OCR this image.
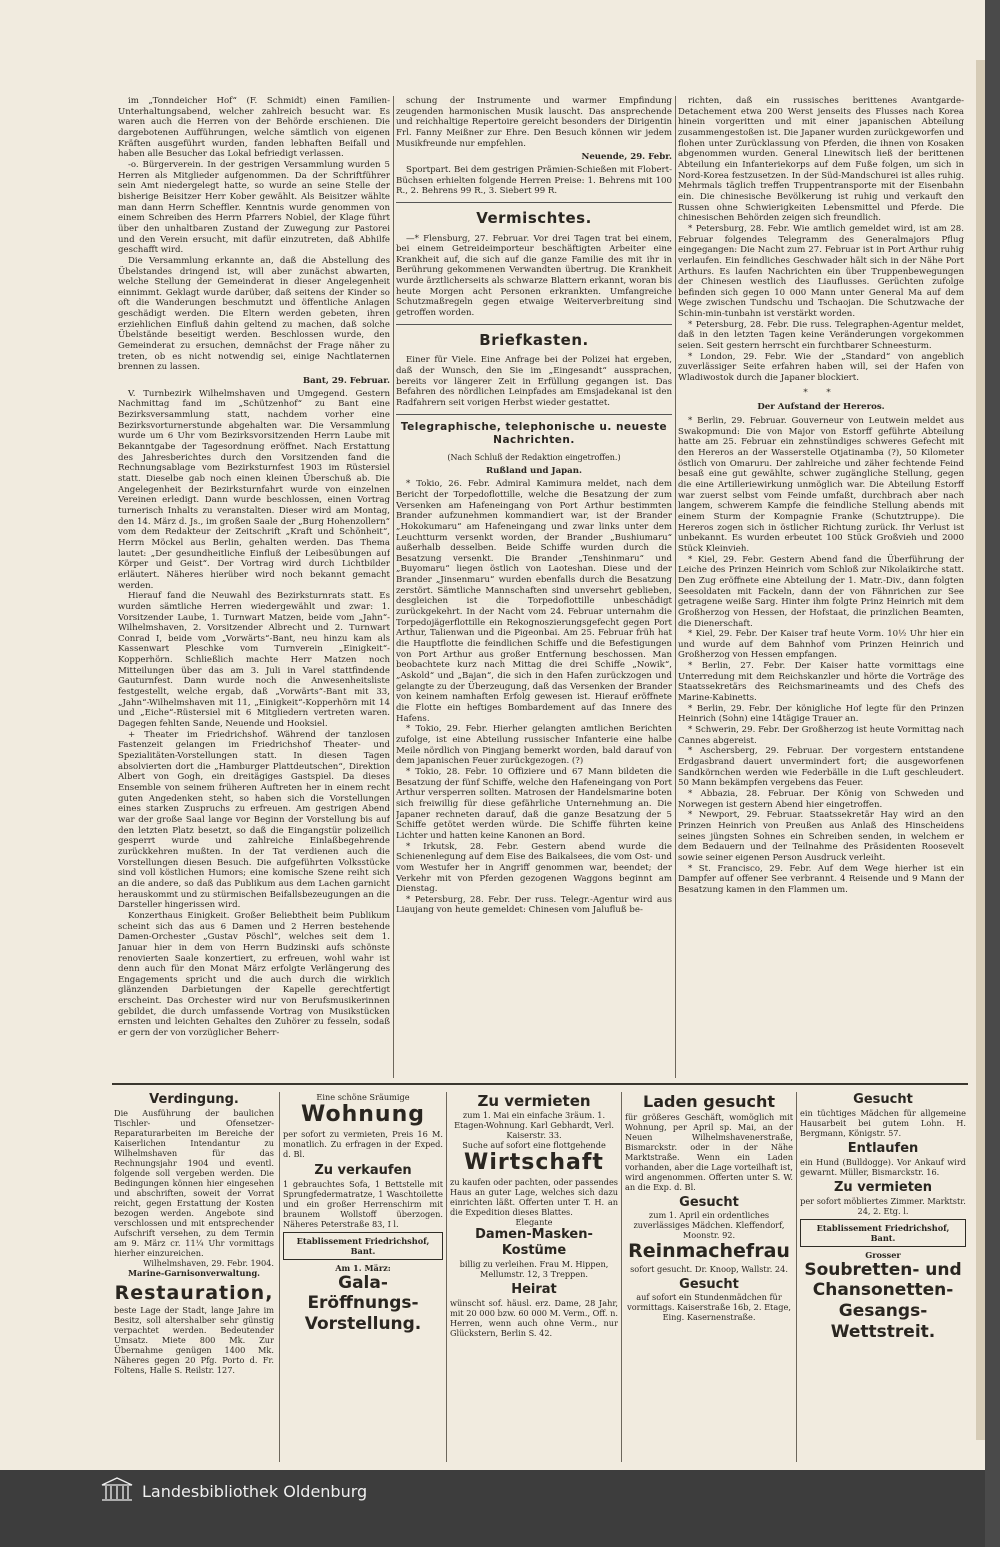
im „Tonndeicher Hof“ (F. Schmidt) einen Familien-Unterhaltungsabend, welcher zahlreich besucht war. Es waren auch die Herren von der Behörde erschienen. Die dargebotenen Aufführungen, welche sämtlich von eigenen Kräften ausgeführt wurden, fanden lebhaften Beifall und haben alle Besucher das Lokal befriedigt verlassen.

-o. Bürgerverein. In der gestrigen Versammlung wurden 5 Herren als Mitglieder aufgenommen. Da der Schriftführer sein Amt niedergelegt hatte, so wurde an seine Stelle der bisherige Beisitzer Herr Kober gewählt. Als Beisitzer wählte man dann Herrn Scheffler. Kenntnis wurde genommen von einem Schreiben des Herrn Pfarrers Nobiel, der Klage führt über den unhaltbaren Zustand der Zuwegung zur Pastorei und den Verein ersucht, mit dafür einzutreten, daß Abhilfe geschafft wird.

Die Versammlung erkannte an, daß die Abstellung des Übelstandes dringend ist, will aber zunächst abwarten, welche Stellung der Gemeinderat in dieser Angelegenheit einnimmt. Geklagt wurde darüber, daß seitens der Kinder so oft die Wanderungen beschmutzt und öffentliche Anlagen geschädigt werden. Die Eltern werden gebeten, ihren erziehlichen Einfluß dahin geltend zu machen, daß solche Übelstände beseitigt werden. Beschlossen wurde, den Gemeinderat zu ersuchen, demnächst der Frage näher zu treten, ob es nicht notwendig sei, einige Nachtlaternen brennen zu lassen.

Bant, 29. Februar.

V. Turnbezirk Wilhelmshaven und Umgegend. Gestern Nachmittag fand im „Schützenhof“ zu Bant eine Bezirksversammlung statt, nachdem vorher eine Bezirksvorturnerstunde abgehalten war. Die Versammlung wurde um 6 Uhr vom Bezirksvorsitzenden Herrn Laube mit Bekanntgabe der Tagesordnung eröffnet. Nach Erstattung des Jahresberichtes durch den Vorsitzenden fand die Rechnungsablage vom Bezirksturnfest 1903 im Rüstersiel statt. Dieselbe gab noch einen kleinen Überschuß ab. Die Angelegenheit der Bezirksturnfahrt wurde von einzelnen Vereinen erledigt. Dann wurde beschlossen, einen Vortrag turnerisch Inhalts zu veranstalten. Dieser wird am Montag, den 14. März d. Js., im großen Saale der „Burg Hohenzollern“ vom dem Redakteur der Zeitschrift „Kraft und Schönheit“, Herrn Möckel aus Berlin, gehalten werden. Das Thema lautet: „Der gesundheitliche Einfluß der Leibesübungen auf Körper und Geist“. Der Vortrag wird durch Lichtbilder erläutert. Näheres hierüber wird noch bekannt gemacht werden.

Hierauf fand die Neuwahl des Bezirksturnrats statt. Es wurden sämtliche Herren wiedergewählt und zwar: 1. Vorsitzender Laube, 1. Turnwart Matzen, beide vom „Jahn“-Wilhelmshaven, 2. Vorsitzender Albrecht und 2. Turnwart Conrad I, beide vom „Vorwärts“-Bant, neu hinzu kam als Kassenwart Pleschke vom Turnverein „Einigkeit“-Kopperhörn. Schließlich machte Herr Matzen noch Mitteilungen über das am 3. Juli in Varel stattfindende Gauturnfest. Dann wurde noch die Anwesenheitsliste festgestellt, welche ergab, daß „Vorwärts“-Bant mit 33, „Jahn“-Wilhelmshaven mit 11, „Einigkeit“-Kopperhörn mit 14 und „Eiche“-Rüstersiel mit 6 Mitgliedern vertreten waren. Dagegen fehlten Sande, Neuende und Hooksiel.

+ Theater im Friedrichshof. Während der tanzlosen Fastenzeit gelangen im Friedrichshof Theater- und Spezialitäten-Vorstellungen statt. In diesen Tagen absolvierten dort die „Hamburger Plattdeutschen“, Direktion Albert von Gogh, ein dreitägiges Gastspiel. Da dieses Ensemble von seinem früheren Auftreten her in einem recht guten Angedenken steht, so haben sich die Vorstellungen eines starken Zuspruchs zu erfreuen. Am gestrigen Abend war der große Saal lange vor Beginn der Vorstellung bis auf den letzten Platz besetzt, so daß die Eingangstür polizeilich gesperrt wurde und zahlreiche Einlaßbegehrende zurückkehren mußten. In der Tat verdienen auch die Vorstellungen diesen Besuch. Die aufgeführten Volksstücke sind voll köstlichen Humors; eine komische Szene reiht sich an die andere, so daß das Publikum aus dem Lachen garnicht herauskommt und zu stürmischen Beifallsbezeugungen an die Darsteller hingerissen wird.

Konzerthaus Einigkeit. Großer Beliebtheit beim Publikum scheint sich das aus 6 Damen und 2 Herren bestehende Damen-Orchester „Gustav Pöschl“, welches seit dem 1. Januar hier in dem von Herrn Budzinski aufs schönste renovierten Saale konzertiert, zu erfreuen, wohl wahr ist denn auch für den Monat März erfolgte Verlängerung des Engagements spricht und die auch durch die wirklich glänzenden Darbietungen der Kapelle gerechtfertigt erscheint. Das Orchester wird nur von Berufsmusikerinnen gebildet, die durch umfassende Vortrag von Musikstücken ernsten und leichten Gehaltes den Zuhörer zu fesseln, sodaß er gern der von vorzüglicher Beherr-

schung der Instrumente und warmer Empfindung zeugenden harmonischen Musik lauscht. Das ansprechende und reichhaltige Repertoire gereicht besonders der Dirigentin Frl. Fanny Meißner zur Ehre. Den Besuch können wir jedem Musikfreunde nur empfehlen.

Neuende, 29. Febr.

Sportpart. Bei dem gestrigen Prämien-Schießen mit Flobert-Büchsen erhielten folgende Herren Preise: 1. Behrens mit 100 R., 2. Behrens 99 R., 3. Siebert 99 R.

Vermischtes.

—* Flensburg, 27. Februar. Vor drei Tagen trat bei einem, bei einem Getreideimporteur beschäftigten Arbeiter eine Krankheit auf, die sich auf die ganze Familie des mit ihr in Berührung gekommenen Verwandten übertrug. Die Krankheit wurde ärztlicherseits als schwarze Blattern erkannt, woran bis heute Morgen acht Personen erkrankten. Umfangreiche Schutzmaßregeln gegen etwaige Weiterverbreitung sind getroffen worden.

Briefkasten.

Einer für Viele. Eine Anfrage bei der Polizei hat ergeben, daß der Wunsch, den Sie im „Eingesandt“ aussprachen, bereits vor längerer Zeit in Erfüllung gegangen ist. Das Befahren des nördlichen Leinpfades am Emsjadekanal ist den Radfahrern seit vorigen Herbst wieder gestattet.

Telegraphische, telephonische u. neueste Nachrichten.
(Nach Schluß der Redaktion eingetroffen.)
Rußland und Japan.

* Tokio, 26. Febr. Admiral Kamimura meldet, nach dem Bericht der Torpedoflottille, welche die Besatzung der zum Versenken am Hafeneingang von Port Arthur bestimmten Brander aufzunehmen kommandiert war, ist der Brander „Hokokumaru“ am Hafeneingang und zwar links unter dem Leuchtturm versenkt worden, der Brander „Bushiumaru“ außerhalb desselben. Beide Schiffe wurden durch die Besatzung versenkt. Die Brander „Tenshinmaru“ und „Buyomaru“ liegen östlich von Laoteshan. Diese und der Brander „Jinsenmaru“ wurden ebenfalls durch die Besatzung zerstört. Sämtliche Mannschaften sind unversehrt geblieben, desgleichen ist die Torpedoflottille unbeschädigt zurückgekehrt. In der Nacht vom 24. Februar unternahm die Torpedojägerflottille ein Rekognoszierungsgefecht gegen Port Arthur, Talienwan und die Pigeonbai. Am 25. Februar früh hat die Hauptflotte die feindlichen Schiffe und die Befestigungen von Port Arthur aus großer Entfernung beschossen. Man beobachtete kurz nach Mittag die drei Schiffe „Nowik“, „Askold“ und „Bajan“, die sich in den Hafen zurückzogen und gelangte zu der Überzeugung, daß das Versenken der Brander von keinem namhaften Erfolg gewesen ist. Hierauf eröffnete die Flotte ein heftiges Bombardement auf das Innere des Hafens.

* Tokio, 29. Febr. Hierher gelangten amtlichen Berichten zufolge, ist eine Abteilung russischer Infanterie eine halbe Meile nördlich von Pingjang bemerkt worden, bald darauf von dem japanischen Feuer zurückgezogen. (?)

* Tokio, 28. Febr. 10 Offiziere und 67 Mann bildeten die Besatzung der fünf Schiffe, welche den Hafeneingang von Port Arthur versperren sollten. Matrosen der Handelsmarine boten sich freiwillig für diese gefährliche Unternehmung an. Die Japaner rechneten darauf, daß die ganze Besatzung der 5 Schiffe getötet werden würde. Die Schiffe führten keine Lichter und hatten keine Kanonen an Bord.

* Irkutsk, 28. Febr. Gestern abend wurde die Schienenlegung auf dem Eise des Baikalsees, die vom Ost- und vom Westufer her in Angriff genommen war, beendet; der Verkehr mit von Pferden gezogenen Waggons beginnt am Dienstag.

* Petersburg, 28. Febr. Der russ. Telegr.-Agentur wird aus Liaujang von heute gemeldet: Chinesen vom Jalufluß be-

richten, daß ein russisches berittenes Avantgarde-Detachement etwa 200 Werst jenseits des Flusses nach Korea hinein vorgeritten und mit einer japanischen Abteilung zusammengestoßen ist. Die Japaner wurden zurückgeworfen und flohen unter Zurücklassung von Pferden, die ihnen von Kosaken abgenommen wurden. General Linewitsch ließ der berittenen Abteilung ein Infanteriekorps auf dem Fuße folgen, um sich in Nord-Korea festzusetzen. In der Süd-Mandschurei ist alles ruhig. Mehrmals täglich treffen Truppentransporte mit der Eisenbahn ein. Die chinesische Bevölkerung ist ruhig und verkauft den Russen ohne Schwierigkeiten Lebensmittel und Pferde. Die chinesischen Behörden zeigen sich freundlich.

* Petersburg, 28. Febr. Wie amtlich gemeldet wird, ist am 28. Februar folgendes Telegramm des Generalmajors Pflug eingegangen: Die Nacht zum 27. Februar ist in Port Arthur ruhig verlaufen. Ein feindliches Geschwader hält sich in der Nähe Port Arthurs. Es laufen Nachrichten ein über Truppenbewegungen der Chinesen westlich des Liauflusses. Gerüchten zufolge befinden sich gegen 10 000 Mann unter General Ma auf dem Wege zwischen Tundschu und Tschaojan. Die Schutzwache der Schin-min-tunbahn ist verstärkt worden.

* Petersburg, 28. Febr. Die russ. Telegraphen-Agentur meldet, daß in den letzten Tagen keine Veränderungen vorgekommen seien. Seit gestern herrscht ein furchtbarer Schneesturm.

* London, 29. Febr. Wie der „Standard“ von angeblich zuverlässiger Seite erfahren haben will, sei der Hafen von Wladiwostok durch die Japaner blockiert.

* *
Der Aufstand der Hereros.

* Berlin, 29. Februar. Gouverneur von Leutwein meldet aus Swakopmund: Die von Major von Estorff geführte Abteilung hatte am 25. Februar ein zehnstündiges schweres Gefecht mit den Hereros an der Wasserstelle Otjatinamba (?), 50 Kilometer östlich von Omaruru. Der zahlreiche und zäher fechtende Feind besaß eine gut gewählte, schwer zugängliche Stellung, gegen die eine Artilleriewirkung unmöglich war. Die Abteilung Estorff war zuerst selbst vom Feinde umfaßt, durchbrach aber nach langem, schwerem Kampfe die feindliche Stellung abends mit einem Sturm der Kompagnie Franke (Schutztruppe). Die Hereros zogen sich in östlicher Richtung zurück. Ihr Verlust ist unbekannt. Es wurden erbeutet 100 Stück Großvieh und 2000 Stück Kleinvieh.

* Kiel, 29. Febr. Gestern Abend fand die Überführung der Leiche des Prinzen Heinrich vom Schloß zur Nikolaikirche statt. Den Zug eröffnete eine Abteilung der 1. Matr.-Div., dann folgten Seesoldaten mit Fackeln, dann der von Fähnrichen zur See getragene weiße Sarg. Hinter ihm folgte Prinz Heinrich mit dem Großherzog von Hessen, der Hofstaat, die prinzlichen Beamten, die Dienerschaft.

* Kiel, 29. Febr. Der Kaiser traf heute Vorm. 10½ Uhr hier ein und wurde auf dem Bahnhof vom Prinzen Heinrich und Großherzog von Hessen empfangen.

* Berlin, 27. Febr. Der Kaiser hatte vormittags eine Unterredung mit dem Reichskanzler und hörte die Vorträge des Staatssekretärs des Reichsmarineamts und des Chefs des Marine-Kabinetts.

* Berlin, 29. Febr. Der königliche Hof legte für den Prinzen Heinrich (Sohn) eine 14tägige Trauer an.

* Schwerin, 29. Febr. Der Großherzog ist heute Vormittag nach Cannes abgereist.

* Aschersberg, 29. Februar. Der vorgestern entstandene Erdgasbrand dauert unvermindert fort; die ausgeworfenen Sandkörnchen werden wie Federbälle in die Luft geschleudert. 50 Mann bekämpfen vergebens das Feuer.

* Abbazia, 28. Februar. Der König von Schweden und Norwegen ist gestern Abend hier eingetroffen.

* Newport, 29. Februar. Staatssekretär Hay wird an den Prinzen Heinrich von Preußen aus Anlaß des Hinscheidens seines jüngsten Sohnes ein Schreiben senden, in welchem er dem Bedauern und der Teilnahme des Präsidenten Roosevelt sowie seiner eigenen Person Ausdruck verleiht.

* St. Francisco, 29. Febr. Auf dem Wege hierher ist ein Dampfer auf offener See verbrannt. 4 Reisende und 9 Mann der Besatzung kamen in den Flammen um.

Verdingung.
Die Ausführung der baulichen Tischler- und Ofensetzer-Reparaturarbeiten im Bereiche der Kaiserlichen Intendantur zu Wilhelmshaven für das Rechnungsjahr 1904 und eventl. folgende soll vergeben werden. Die Bedingungen können hier eingesehen und abschriften, soweit der Vorrat reicht, gegen Erstattung der Kosten bezogen werden. Angebote sind verschlossen und mit entsprechender Aufschrift versehen, zu dem Termin am 9. März cr. 11¼ Uhr vormittags hierher einzureichen.
Wilhelmshaven, 29. Febr. 1904.
Marine-Garnisonverwaltung.
Restauration,
beste Lage der Stadt, lange Jahre im Besitz, soll altershalber sehr günstig verpachtet werden. Bedeutender Umsatz. Miete 800 Mk. Zur Übernahme genügen 1400 Mk. Näheres gegen 20 Pfg. Porto d. Fr. Foltens, Halle S. Reilstr. 127.
Eine schöne Sräumige
Wohnung
per sofort zu vermieten, Preis 16 M. monatlich. Zu erfragen in der Exped. d. Bl.
Zu verkaufen
1 gebrauchtes Sofa, 1 Bettstelle mit Sprungfedermatratze, 1 Waschtoilette und ein großer Herrenschirm mit braunem Wollstoff überzogen. Näheres Peterstraße 83, I l.
Etablissement Friedrichshof, Bant.
Am 1. März:
Gala-Eröffnungs-Vorstellung.
Zu vermieten
zum 1. Mai ein einfache 3räum. 1. Etagen-Wohnung. Karl Gebhardt, Verl. Kaiserstr. 33.
Suche auf sofort eine flottgehende
Wirtschaft
zu kaufen oder pachten, oder passendes Haus an guter Lage, welches sich dazu einrichten läßt. Offerten unter T. H. an die Expedition dieses Blattes.
Elegante
Damen-Masken-Kostüme
billig zu verleihen. Frau M. Hippen, Mellumstr. 12, 3 Treppen.
Heirat
wünscht sof. häusl. erz. Dame, 28 Jahr, mit 20 000 bzw. 60 000 M. Verm., Off. n. Herren, wenn auch ohne Verm., nur Glückstern, Berlin S. 42.
Laden gesucht
für größeres Geschäft, womöglich mit Wohnung, per April sp. Mai, an der Neuen Wilhelmshavenerstraße, Bismarckstr. oder in der Nähe Marktstraße. Wenn ein Laden vorhanden, aber die Lage vorteilhaft ist, wird angenommen. Offerten unter S. W. an die Exp. d. Bl.
Gesucht
zum 1. April ein ordentliches zuverlässiges Mädchen. Kleffendorf, Moonstr. 92.
Reinmachefrau
sofort gesucht. Dr. Knoop, Wallstr. 24.
Gesucht
auf sofort ein Stundenmädchen für vormittags. Kaiserstraße 16b, 2. Etage, Eing. Kasernenstraße.
Gesucht
ein tüchtiges Mädchen für allgemeine Hausarbeit bei gutem Lohn. H. Bergmann, Königstr. 57.
Entlaufen
ein Hund (Bulldogge). Vor Ankauf wird gewarnt. Müller, Bismarckstr. 16.
Zu vermieten
per sofort möbliertes Zimmer. Marktstr. 24, 2. Etg. l.
Etablissement Friedrichshof, Bant.
Grosser
Soubretten- und Chansonetten-Gesangs-Wettstreit.
Landesbibliothek Oldenburg
